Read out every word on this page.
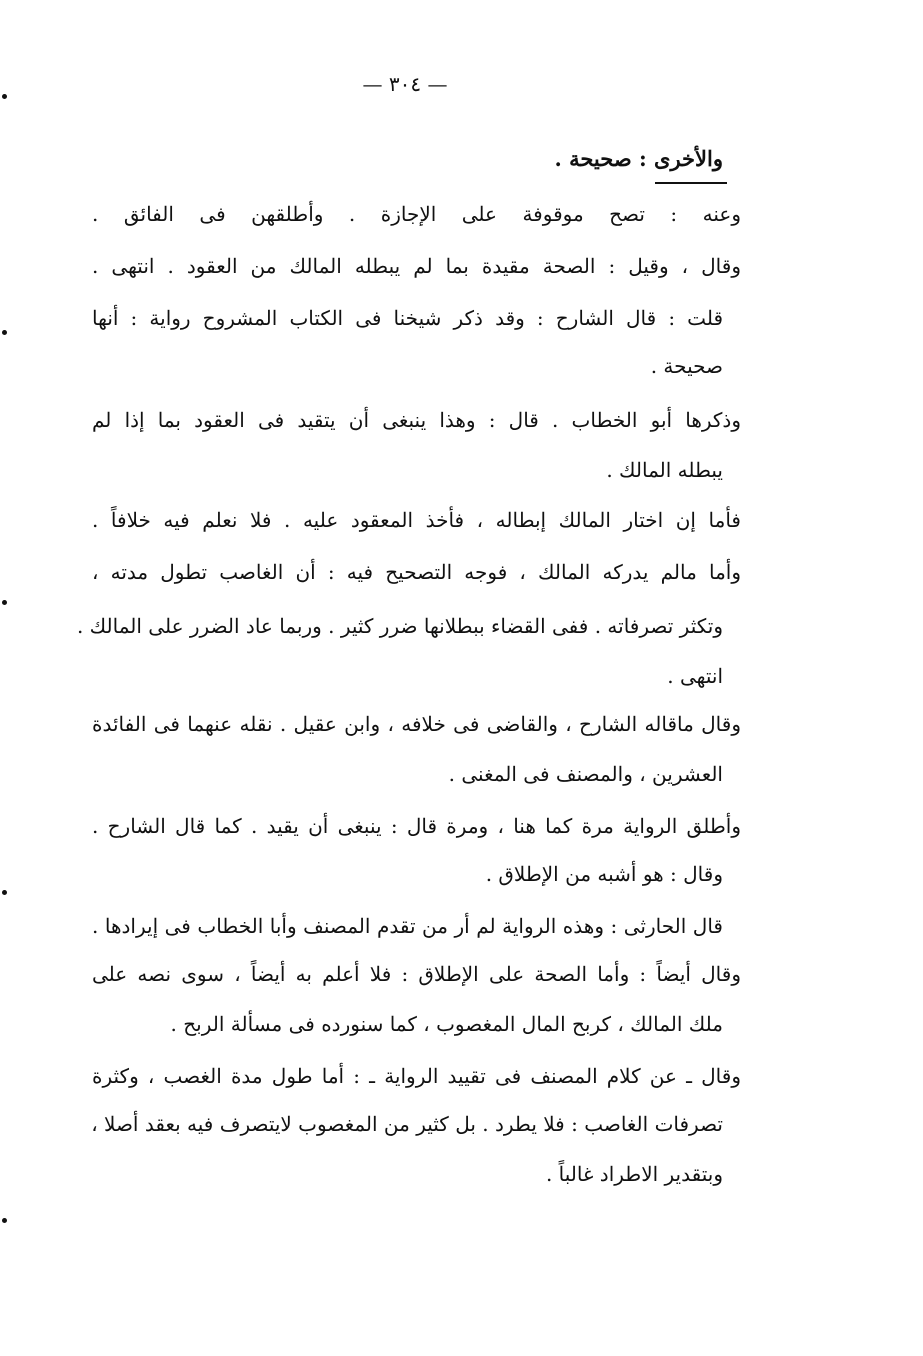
— ٣٠٤ —
والأخرى : صحيحة .
وعنه : تصح موقوفة على الإجازة . وأطلقهن فى الفائق .
وقال ، وقيل : الصحة مقيدة بما لم يبطله المالك من العقود . انتهى .
قلت : قال الشارح : وقد ذكر شيخنا فى الكتاب المشروح رواية : أنها
صحيحة .
وذكرها أبو الخطاب . قال : وهذا ينبغى أن يتقيد فى العقود بما إذا لم
يبطله المالك .
فأما إن اختار المالك إبطاله ، فأخذ المعقود عليه . فلا نعلم فيه خلافاً .
وأما مالم يدركه المالك ، فوجه التصحيح فيه : أن الغاصب تطول مدته ،
وتكثر تصرفاته . ففى القضاء ببطلانها ضرر كثير . وربما عاد الضرر على المالك .
انتهى .
وقال ماقاله الشارح ، والقاضى فى خلافه ، وابن عقيل . نقله عنهما فى الفائدة
العشرين ، والمصنف فى المغنى .
وأطلق الرواية مرة كما هنا ، ومرة قال : ينبغى أن يقيد . كما قال الشارح .
وقال : هو أشبه من الإطلاق .
قال الحارثى : وهذه الرواية لم أر من تقدم المصنف وأبا الخطاب فى إيرادها .
وقال أيضاً : وأما الصحة على الإطلاق : فلا أعلم به أيضاً ، سوى نصه على
ملك المالك ، كربح المال المغصوب ، كما سنورده فى مسألة الربح .
وقال ـ عن كلام المصنف فى تقييد الرواية ـ : أما طول مدة الغصب ، وكثرة
تصرفات الغاصب : فلا يطرد . بل كثير من المغصوب لايتصرف فيه بعقد أصلا ،
وبتقدير الاطراد غالباً .
